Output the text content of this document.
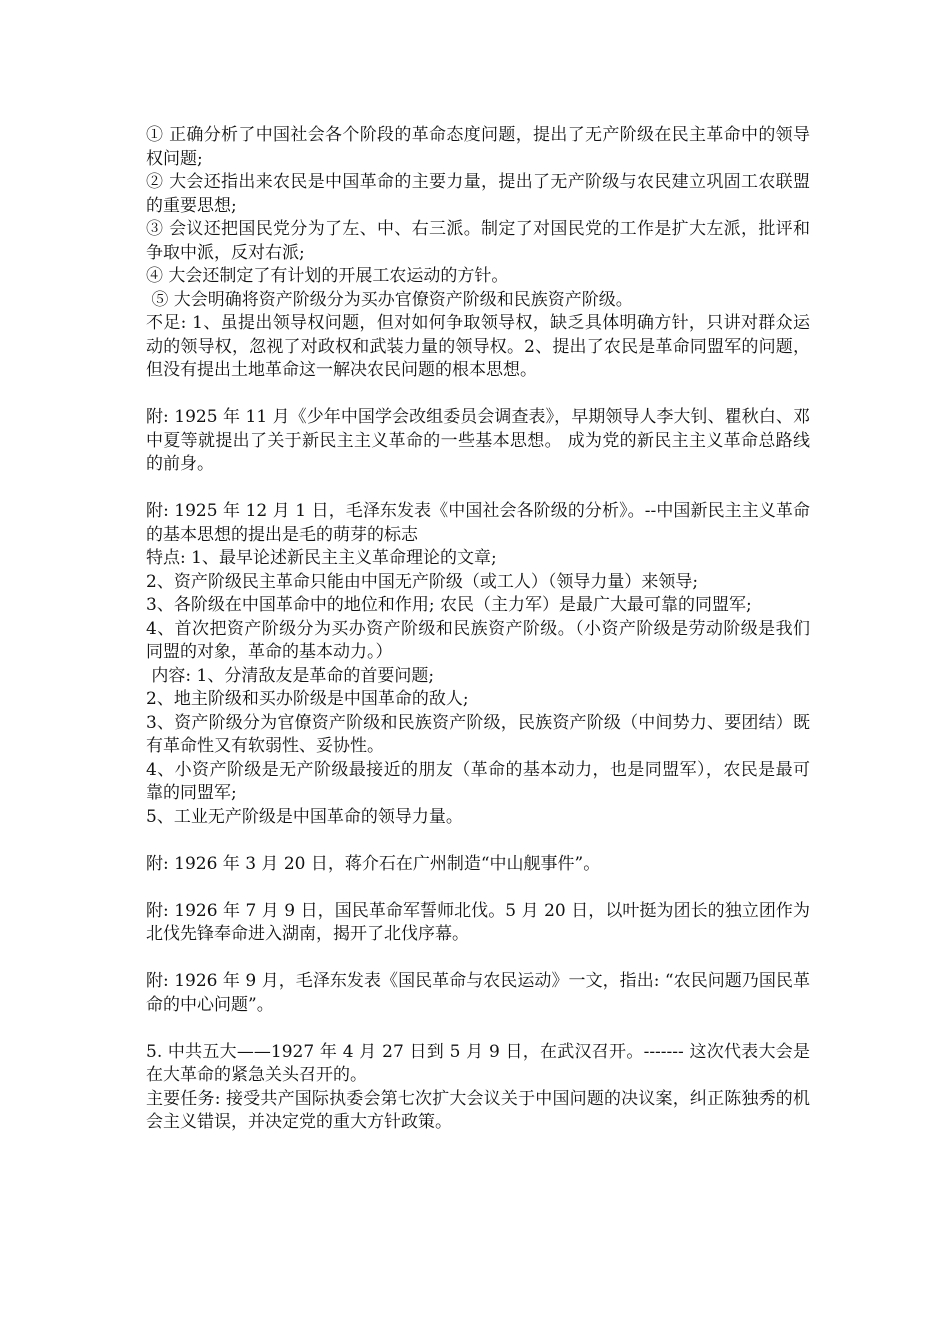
① 正确分析了中国社会各个阶段的革命态度问题，提出了无产阶级在民主革命中的领导权问题;

② 大会还指出来农民是中国革命的主要力量，提出了无产阶级与农民建立巩固工农联盟的重要思想;

③ 会议还把国民党分为了左、中、右三派。制定了对国民党的工作是扩大左派，批评和争取中派，反对右派;

④ 大会还制定了有计划的开展工农运动的方针。

⑤ 大会明确将资产阶级分为买办官僚资产阶级和民族资产阶级。

不足: 1、虽提出领导权问题，但对如何争取领导权，缺乏具体明确方针，只讲对群众运动的领导权，忽视了对政权和武装力量的领导权。2、提出了农民是革命同盟军的问题，但没有提出土地革命这一解决农民问题的根本思想。

附: 1925 年 11 月《少年中国学会改组委员会调查表》，早期领导人李大钊、瞿秋白、邓中夏等就提出了关于新民主主义革命的一些基本思想。 成为党的新民主主义革命总路线的前身。

附: 1925 年 12 月 1 日，毛泽东发表《中国社会各阶级的分析》。--中国新民主主义革命的基本思想的提出是毛的萌芽的标志

特点: 1、最早论述新民主主义革命理论的文章;

2、资产阶级民主革命只能由中国无产阶级（或工人）（领导力量）来领导;

3、各阶级在中国革命中的地位和作用; 农民（主力军）是最广大最可靠的同盟军;

4、首次把资产阶级分为买办资产阶级和民族资产阶级。（小资产阶级是劳动阶级是我们同盟的对象，革命的基本动力。）

内容: 1、分清敌友是革命的首要问题;

2、地主阶级和买办阶级是中国革命的敌人;

3、资产阶级分为官僚资产阶级和民族资产阶级，民族资产阶级（中间势力、要团结）既有革命性又有软弱性、妥协性。

4、小资产阶级是无产阶级最接近的朋友（革命的基本动力，也是同盟军），农民是最可靠的同盟军;

5、工业无产阶级是中国革命的领导力量。

附: 1926 年 3 月 20 日，蒋介石在广州制造“中山舰事件”。

附: 1926 年 7 月 9 日，国民革命军誓师北伐。5 月 20 日，以叶挺为团长的独立团作为北伐先锋奉命进入湖南，揭开了北伐序幕。

附: 1926 年 9 月，毛泽东发表《国民革命与农民运动》一文，指出: “农民问题乃国民革命的中心问题”。

5. 中共五大——1927 年 4 月 27 日到 5 月 9 日，在武汉召开。------- 这次代表大会是在大革命的紧急关头召开的。

主要任务: 接受共产国际执委会第七次扩大会议关于中国问题的决议案，纠正陈独秀的机会主义错误，并决定党的重大方针政策。
